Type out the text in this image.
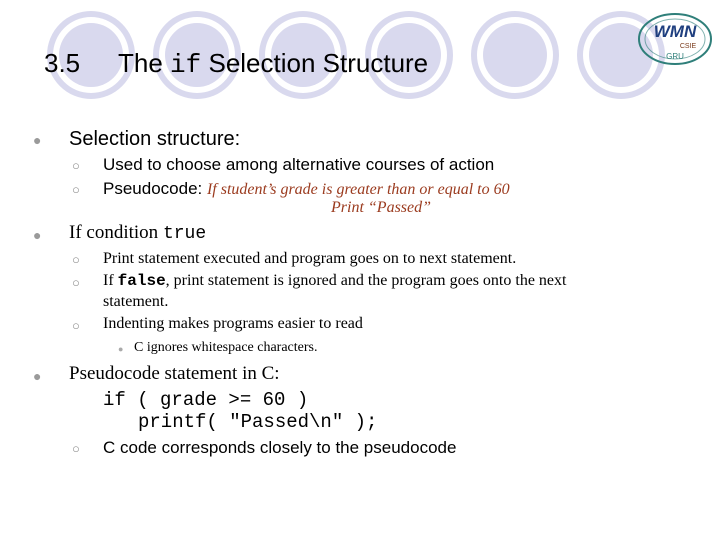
WMN
CSIE
GRU
3.5 The if Selection Structure
● Selection structure:
○ Used to choose among alternative courses of action
○ Pseudocode: If student’s grade is greater than or equal to 60
Print “Passed”
● If condition true
○ Print statement executed and program goes on to next statement.
○ If false, print statement is ignored and the program goes onto the next
statement.
○ Indenting makes programs easier to read
● C ignores whitespace characters.
● Pseudocode statement in C:
if ( grade >= 60 )
printf( "Passed\n" );
○ C code corresponds closely to the pseudocode
